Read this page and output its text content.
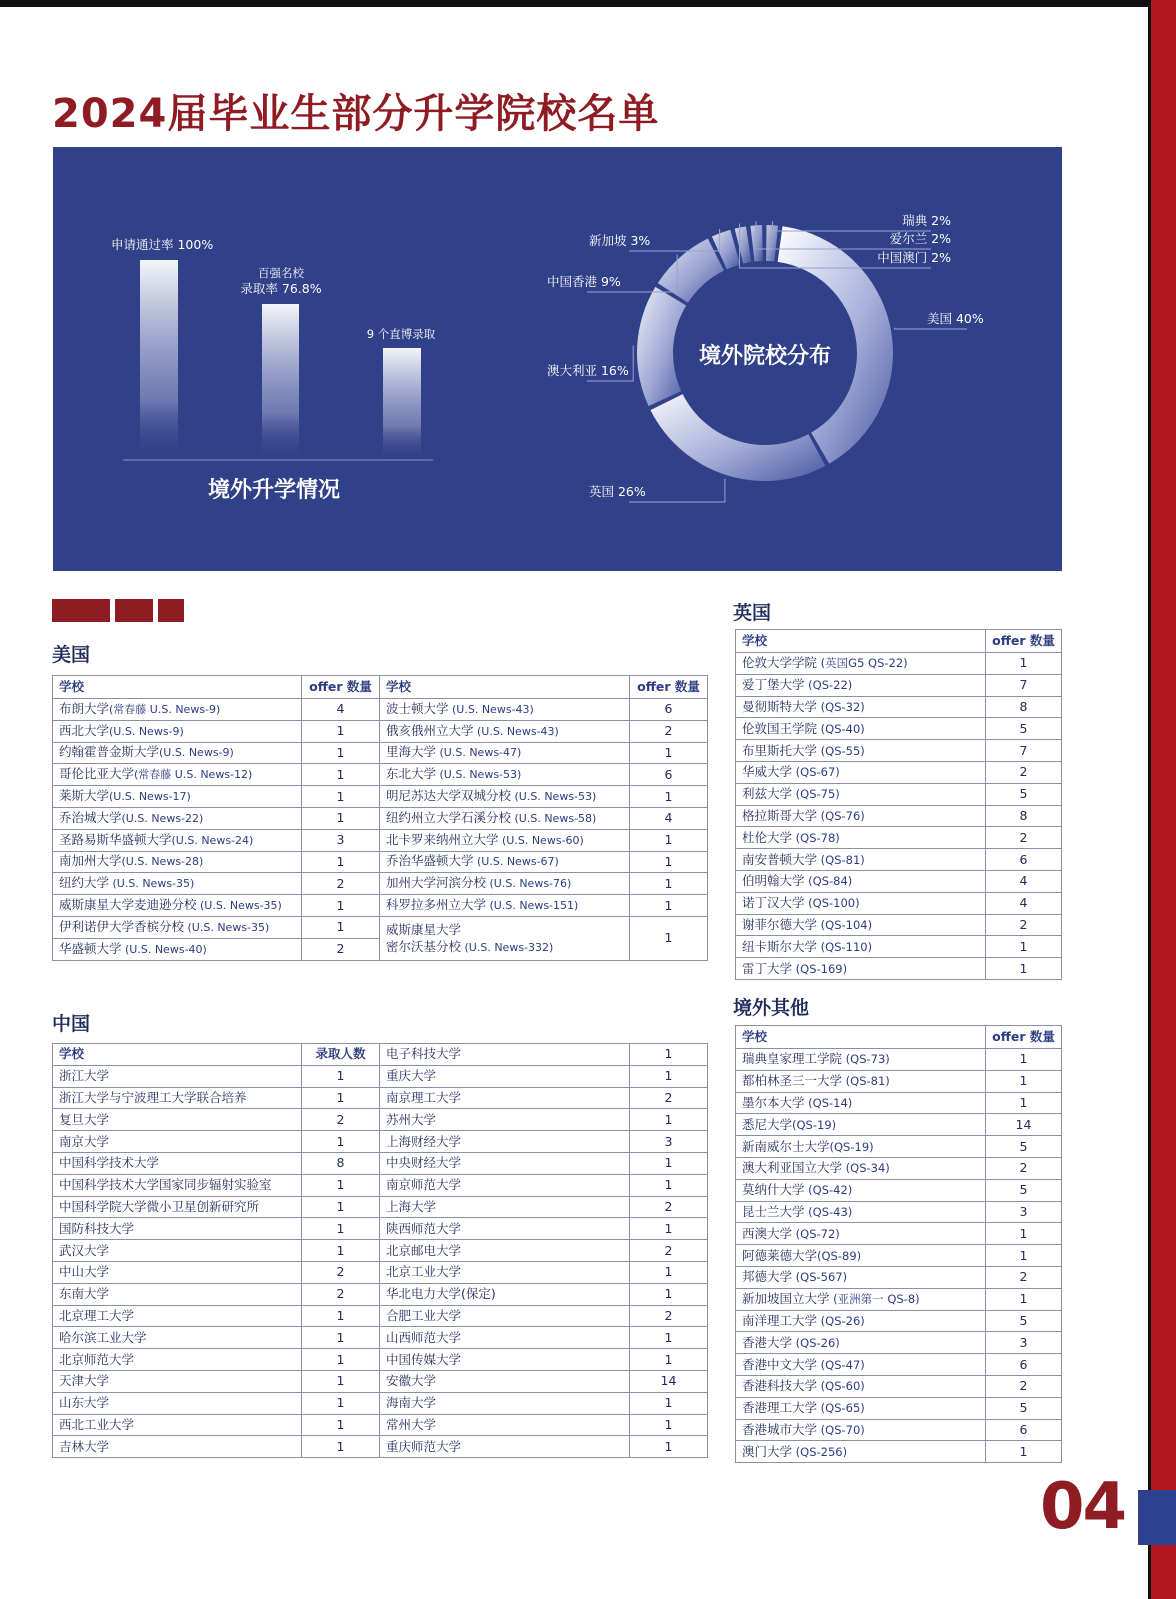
2024届毕业生部分升学院校名单
申请通过率 100%
百强名校
录取率 76.8%
9 个直博录取
境外升学情况
美国 40%
英国 26%
澳大利亚 16%
中国香港 9%
新加坡 3%
中国澳门 2%
爱尔兰 2%
瑞典 2%
境外院校分布
美国
学校	offer 数量	学校	offer 数量
布朗大学(常春藤 U.S. News-9)	4	波士顿大学 (U.S. News-43)	6
西北大学(U.S. News-9)	1	俄亥俄州立大学 (U.S. News-43)	2
约翰霍普金斯大学(U.S. News-9)	1	里海大学 (U.S. News-47)	1
哥伦比亚大学(常春藤 U.S. News-12)	1	东北大学 (U.S. News-53)	6
莱斯大学(U.S. News-17)	1	明尼苏达大学双城分校 (U.S. News-53)	1
乔治城大学(U.S. News-22)	1	纽约州立大学石溪分校 (U.S. News-58)	4
圣路易斯华盛顿大学(U.S. News-24)	3	北卡罗来纳州立大学 (U.S. News-60)	1
南加州大学(U.S. News-28)	1	乔治华盛顿大学 (U.S. News-67)	1
纽约大学 (U.S. News-35)	2	加州大学河滨分校 (U.S. News-76)	1
威斯康星大学麦迪逊分校 (U.S. News-35)	1	科罗拉多州立大学 (U.S. News-151)	1
伊利诺伊大学香槟分校 (U.S. News-35)	1	威斯康星大学
密尔沃基分校 (U.S. News-332)	1
华盛顿大学 (U.S. News-40)	2		
中国
学校	录取人数	电子科技大学	1
浙江大学	1	重庆大学	1
浙江大学与宁波理工大学联合培养	1	南京理工大学	2
复旦大学	2	苏州大学	1
南京大学	1	上海财经大学	3
中国科学技术大学	8	中央财经大学	1
中国科学技术大学国家同步辐射实验室	1	南京师范大学	1
中国科学院大学微小卫星创新研究所	1	上海大学	2
国防科技大学	1	陕西师范大学	1
武汉大学	1	北京邮电大学	2
中山大学	2	北京工业大学	1
东南大学	2	华北电力大学(保定)	1
北京理工大学	1	合肥工业大学	2
哈尔滨工业大学	1	山西师范大学	1
北京师范大学	1	中国传媒大学	1
天津大学	1	安徽大学	14
山东大学	1	海南大学	1
西北工业大学	1	常州大学	1
吉林大学	1	重庆师范大学	1
英国
学校	offer 数量
伦敦大学学院 (英国G5 QS-22)	1
爱丁堡大学 (QS-22)	7
曼彻斯特大学 (QS-32)	8
伦敦国王学院 (QS-40)	5
布里斯托大学 (QS-55)	7
华威大学 (QS-67)	2
利兹大学 (QS-75)	5
格拉斯哥大学 (QS-76)	8
杜伦大学 (QS-78)	2
南安普顿大学 (QS-81)	6
伯明翰大学 (QS-84)	4
诺丁汉大学 (QS-100)	4
谢菲尔德大学 (QS-104)	2
纽卡斯尔大学 (QS-110)	1
雷丁大学 (QS-169)	1
境外其他
学校	offer 数量
瑞典皇家理工学院 (QS-73)	1
都柏林圣三一大学 (QS-81)	1
墨尔本大学 (QS-14)	1
悉尼大学(QS-19)	14
新南威尔士大学(QS-19)	5
澳大利亚国立大学 (QS-34)	2
莫纳什大学 (QS-42)	5
昆士兰大学 (QS-43)	3
西澳大学 (QS-72)	1
阿德莱德大学(QS-89)	1
邦德大学 (QS-567)	2
新加坡国立大学 (亚洲第一 QS-8)	1
南洋理工大学 (QS-26)	5
香港大学 (QS-26)	3
香港中文大学 (QS-47)	6
香港科技大学 (QS-60)	2
香港理工大学 (QS-65)	5
香港城市大学 (QS-70)	6
澳门大学 (QS-256)	1
04
